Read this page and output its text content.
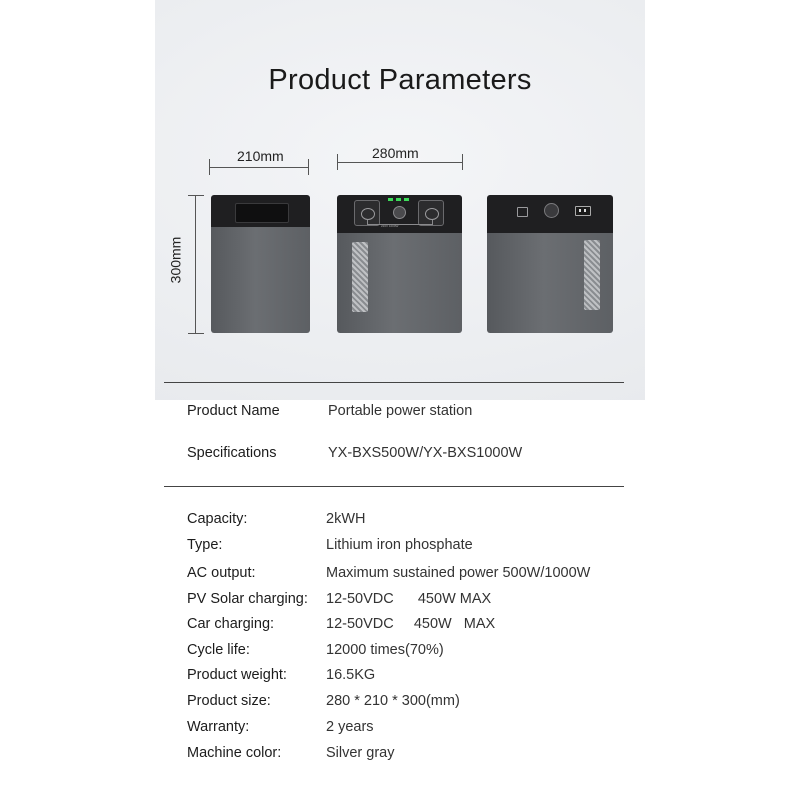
Product Parameters
210mm	280mm
300mm
220V 1000W
Product Name	Portable power station
Specifications	YX-BXS500W/YX-BXS1000W
Capacity:	2kWH
Type:	Lithium iron phosphate
AC output:	Maximum sustained power 500W/1000W
PV Solar charging: 12-50VDC      450W MAX
Car charging:	12-50VDC     450W   MAX
Cycle life:	12000 times(70%)
Product weight:	16.5KG
Product size:	280 * 210 * 300(mm)
Warranty:	2 years
Machine color:	Silver gray
